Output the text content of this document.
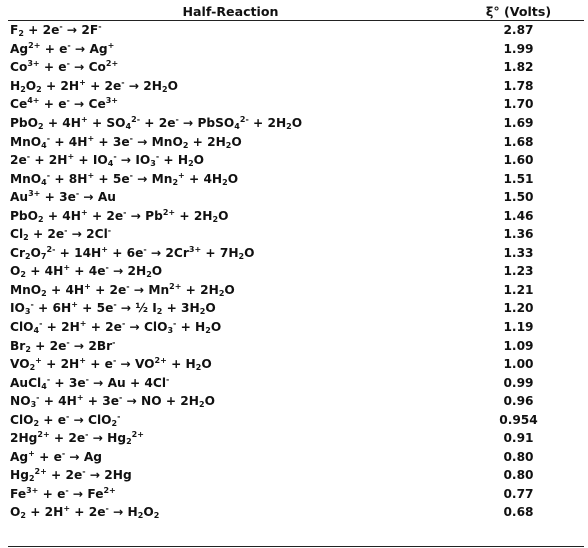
Half-Reaction	ξ° (Volts)
$F_2 + 2e^- \to 2F^-$	2.87
$Ag^{2+} + e^- \to Ag^+$	1.99
$Co^{3+} + e^- \to Co^{2+}$	1.82
$H_2O_2 + 2H^+ + 2e^- \to 2H_2O$	1.78
$Ce^{4+} + e^- \to Ce^{3+}$	1.70
$PbO_2 + 4H^+ + SO_4^{2-} + 2e^-$ → PbSO$_4^{2-}$ + $2H_2O$	1.69
$MnO_4^- + 4H^+ + 3e^- \to MnO_2 + 2H_2O$	1.68
$2e^- + 2H^+ + IO_4^- \to IO_3^- + H_2O$	1.60
$MnO_4^- + 8H^+ + 5e^- \to Mn_2^+ + 4H_2O$	1.51
$Au^{3+} + 3e^- \to Au$	1.50
$PbO_2 + 4H^+ + 2e^- \to Pb^{2+} + 2H_2O$	1.46
$Cl_2 + 2e^- \to 2Cl^-$	1.36
$Cr_2O_7^{2-} + 14H^+ + 6e^- \to 2Cr^{3+} + 7H_2O$	1.33
$O_2 + 4H^+ + 4e^- \to 2H_2O$	1.23
$MnO_2 + 4H^+ + 2e^- \to Mn^{2+} + 2H_2O$	1.21
$IO_3^- + 6H^+ + 5e^-$ → ½ $I_2 + 3H_2O$	1.20
$ClO_4^- + 2H^+ + 2e^- \to ClO_3^- + H_2O$	1.19
$Br_2 + 2e^- \to 2Br^-$	1.09
$VO_2^+ + 2H^+ + e^- \to VO^{2+} + H_2O$	1.00
AuCl$_4$- + 3e- → Au + 4Cl-	0.99
$NO_3^- + 4H^+ + 3e^-$ → NO + $2H_2O$	0.96
ClO$_2$ + e- → ClO$_2$-	0.954
$2Hg^{2+} + 2e^- \to Hg_2^{2+}$	0.91
Ag+ + e- → Ag	0.80
$Hg_2^{2+} + 2e^- \to 2Hg$	0.80
$Fe^{3+} + e^- \to Fe^{2+}$	0.77
$O_2 + 2H^+ + 2e^- \to H_2O_2$	0.68
